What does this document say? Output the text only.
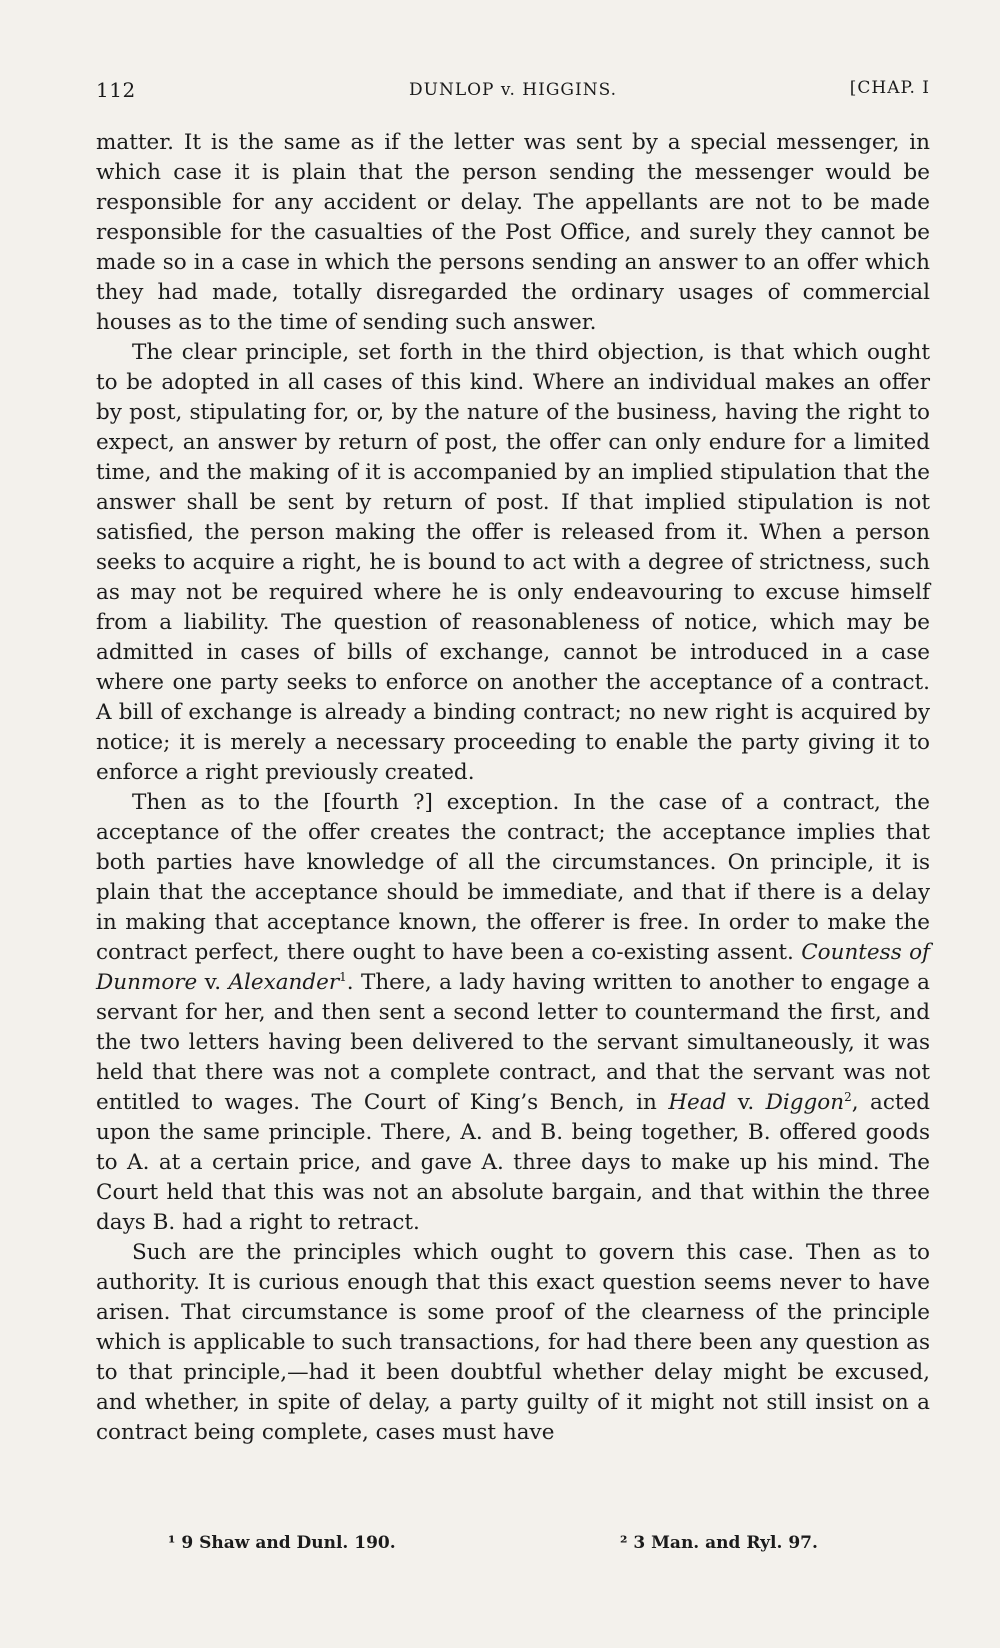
112	DUNLOP v. HIGGINS.	[CHAP. I

matter. It is the same as if the letter was sent by a special messenger, in which case it is plain that the person sending the messenger would be responsible for any accident or delay. The appellants are not to be made responsible for the casualties of the Post Office, and surely they cannot be made so in a case in which the persons sending an answer to an offer which they had made, totally disregarded the ordinary usages of commercial houses as to the time of sending such answer.

The clear principle, set forth in the third objection, is that which ought to be adopted in all cases of this kind. Where an individual makes an offer by post, stipulating for, or, by the nature of the business, having the right to expect, an answer by return of post, the offer can only endure for a limited time, and the making of it is accompanied by an implied stipulation that the answer shall be sent by return of post. If that implied stipulation is not satisfied, the person making the offer is released from it. When a person seeks to acquire a right, he is bound to act with a degree of strictness, such as may not be required where he is only endeavouring to excuse himself from a liability. The question of reasonableness of notice, which may be admitted in cases of bills of exchange, cannot be introduced in a case where one party seeks to enforce on another the acceptance of a contract. A bill of exchange is already a binding contract; no new right is acquired by notice; it is merely a necessary proceeding to enable the party giving it to enforce a right previously created.

Then as to the [fourth ?] exception. In the case of a contract, the acceptance of the offer creates the contract; the acceptance implies that both parties have knowledge of all the circumstances. On principle, it is plain that the acceptance should be immediate, and that if there is a delay in making that acceptance known, the offerer is free. In order to make the contract perfect, there ought to have been a co-existing assent. Countess of Dunmore v. Alexander$^1$. There, a lady having written to another to engage a servant for her, and then sent a second letter to countermand the first, and the two letters having been delivered to the servant simultaneously, it was held that there was not a complete contract, and that the servant was not entitled to wages. The Court of King’s Bench, in Head v. Diggon$^2$, acted upon the same principle. There, A. and B. being together, B. offered goods to A. at a certain price, and gave A. three days to make up his mind. The Court held that this was not an absolute bargain, and that within the three days B. had a right to retract.

Such are the principles which ought to govern this case. Then as to authority. It is curious enough that this exact question seems never to have arisen. That circumstance is some proof of the clearness of the principle which is applicable to such transactions, for had there been any question as to that principle,—had it been doubtful whether delay might be excused, and whether, in spite of delay, a party guilty of it might not still insist on a contract being complete, cases must have

¹ 9 Shaw and Dunl. 190.	² 3 Man. and Ryl. 97.
